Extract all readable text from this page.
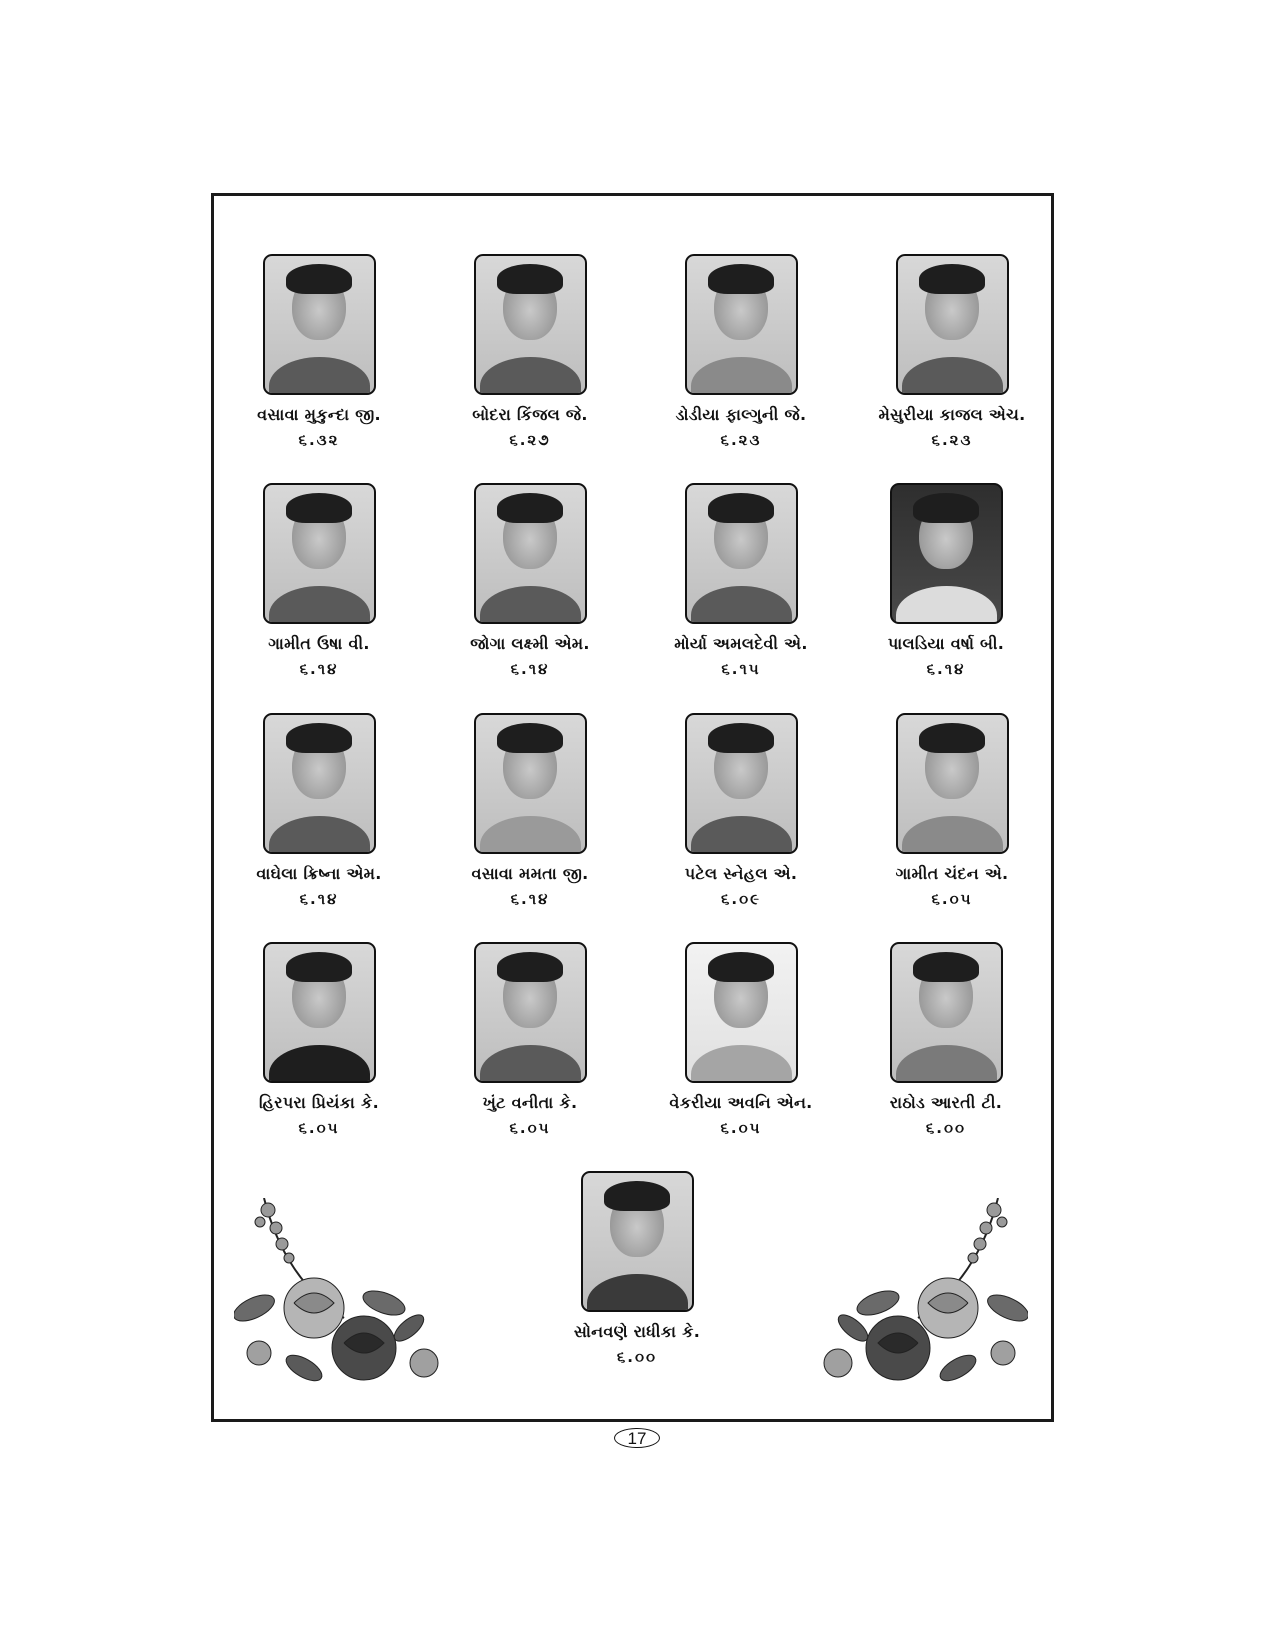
વસાવા મુકુન્દા જી.
૬.૩૨
બોદરા કિંજલ જે.
૬.૨૭
ડોડીયા ફાલ્ગુની જે.
૬.૨૩
મેસુરીયા કાજલ એચ.
૬.૨૩
ગામીત ઉષા વી.
૬.૧૪
જોગા લક્ષ્મી એમ.
૬.૧૪
મોર્યા અમલદેવી એ.
૬.૧૫
પાલડિયા વર્ષા બી.
૬.૧૪
વાઘેલા ક્રિષ્ના એમ.
૬.૧૪
વસાવા મમતા જી.
૬.૧૪
પટેલ સ્નેહલ એ.
૬.૦૯
ગામીત ચંદન એ.
૬.૦૫
હિરપરા પ્રિયંકા કે.
૬.૦૫
ખુંટ વનીતા કે.
૬.૦૫
વેકરીયા અવનિ એન.
૬.૦૫
રાઠોડ આરતી ટી.
૬.૦૦
સોનવણે રાધીકા કે.
૬.૦૦
17
